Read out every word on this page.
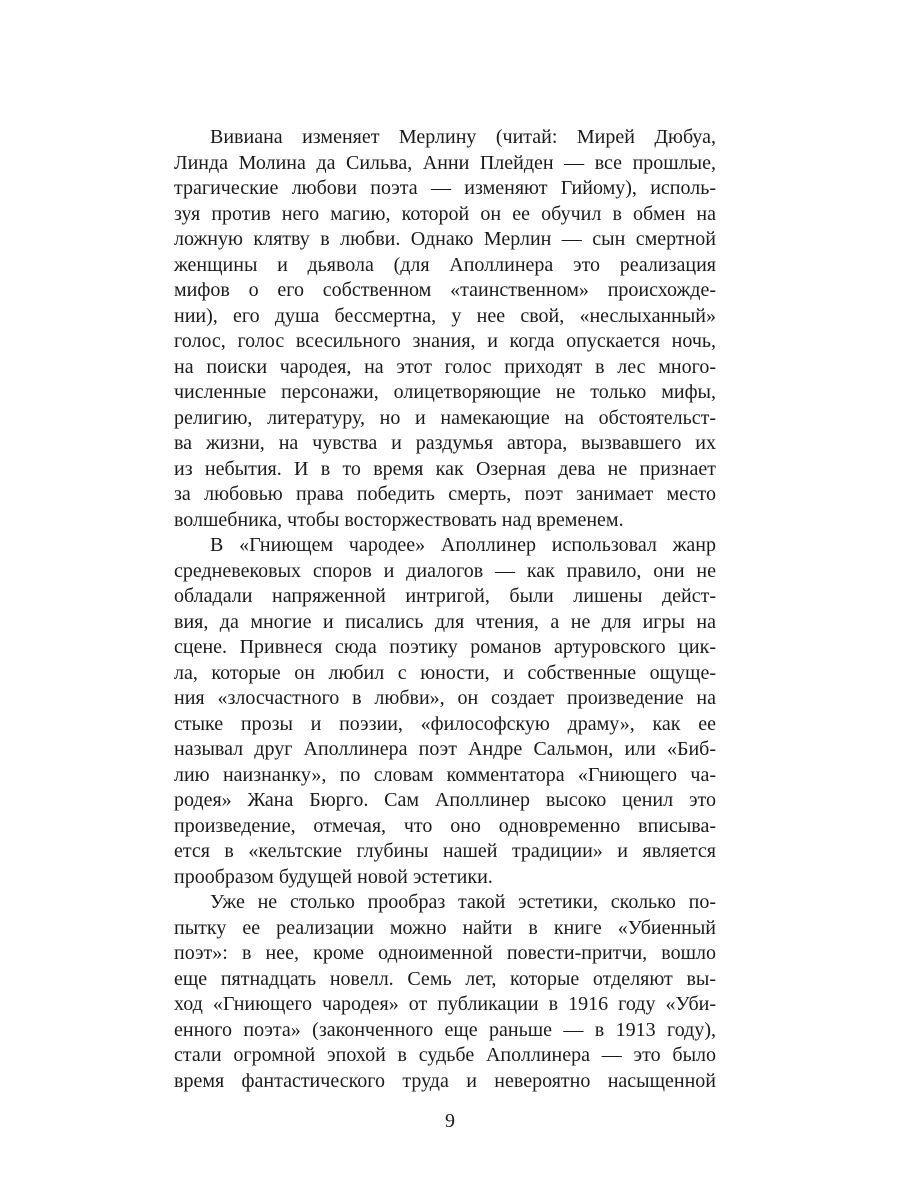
Вивиана изменяет Мерлину (читай: Мирей Дюбуа,
Линда Молина да Сильва, Анни Плейден — все прошлые,
трагические любови поэта — изменяют Гийому), исполь-
зуя против него магию, которой он ее обучил в обмен на
ложную клятву в любви. Однако Мерлин — сын смертной
женщины и дьявола (для Аполлинера это реализация
мифов о его собственном «таинственном» происхожде-
нии), его душа бессмертна, у нее свой, «неслыханный»
голос, голос всесильного знания, и когда опускается ночь,
на поиски чародея, на этот голос приходят в лес много-
численные персонажи, олицетворяющие не только мифы,
религию, литературу, но и намекающие на обстоятельст-
ва жизни, на чувства и раздумья автора, вызвавшего их
из небытия. И в то время как Озерная дева не признает
за любовью права победить смерть, поэт занимает место
волшебника, чтобы восторжествовать над временем.
В «Гниющем чародее» Аполлинер использовал жанр
средневековых споров и диалогов — как правило, они не
обладали напряженной интригой, были лишены дейст-
вия, да многие и писались для чтения, а не для игры на
сцене. Привнеся сюда поэтику романов артуровского цик-
ла, которые он любил с юности, и собственные ощуще-
ния «злосчастного в любви», он создает произведение на
стыке прозы и поэзии, «философскую драму», как ее
называл друг Аполлинера поэт Андре Сальмон, или «Биб-
лию наизнанку», по словам комментатора «Гниющего ча-
родея» Жана Бюрго. Сам Аполлинер высоко ценил это
произведение, отмечая, что оно одновременно вписыва-
ется в «кельтские глубины нашей традиции» и является
прообразом будущей новой эстетики.
Уже не столько прообраз такой эстетики, сколько по-
пытку ее реализации можно найти в книге «Убиенный
поэт»: в нее, кроме одноименной повести-притчи, вошло
еще пятнадцать новелл. Семь лет, которые отделяют вы-
ход «Гниющего чародея» от публикации в 1916 году «Уби-
енного поэта» (законченного еще раньше — в 1913 году),
стали огромной эпохой в судьбе Аполлинера — это было
время фантастического труда и невероятно насыщенной
9
